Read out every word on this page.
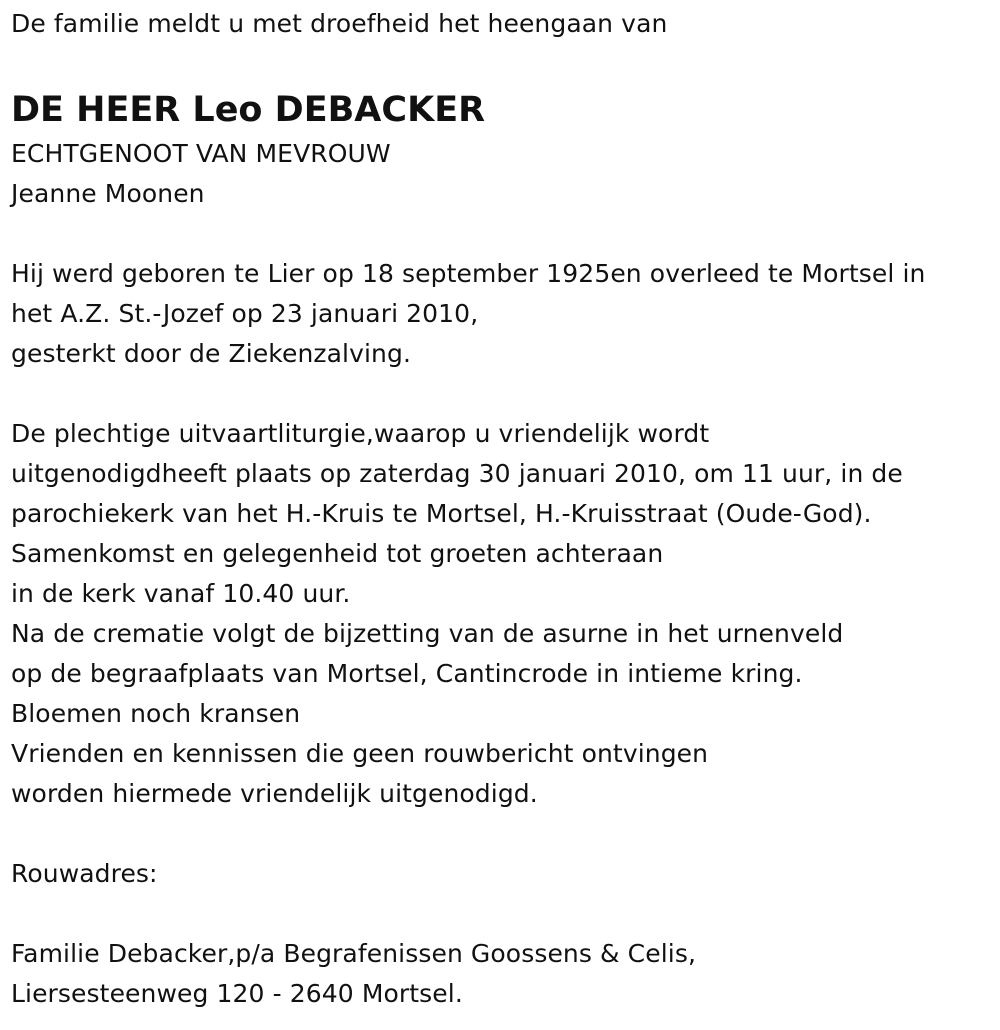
De familie meldt u met droefheid het heengaan van
DE HEER Leo DEBACKER
ECHTGENOOT VAN MEVROUW
Jeanne Moonen
Hij werd geboren te Lier op 18 september 1925en overleed te Mortsel in
het A.Z. St.-Jozef op 23 januari 2010,
gesterkt door de Ziekenzalving.
De plechtige uitvaartliturgie,waarop u vriendelijk wordt
uitgenodigdheeft plaats op zaterdag 30 januari 2010, om 11 uur, in de
parochiekerk van het H.-Kruis te Mortsel, H.-Kruisstraat (Oude-God).
Samenkomst en gelegenheid tot groeten achteraan
in de kerk vanaf 10.40 uur.
Na de crematie volgt de bijzetting van de asurne in het urnenveld
op de begraafplaats van Mortsel, Cantincrode in intieme kring.
Bloemen noch kransen
Vrienden en kennissen die geen rouwbericht ontvingen
worden hiermede vriendelijk uitgenodigd.
Rouwadres:
Familie Debacker,p/a Begrafenissen Goossens & Celis,
Liersesteenweg 120 - 2640 Mortsel.
